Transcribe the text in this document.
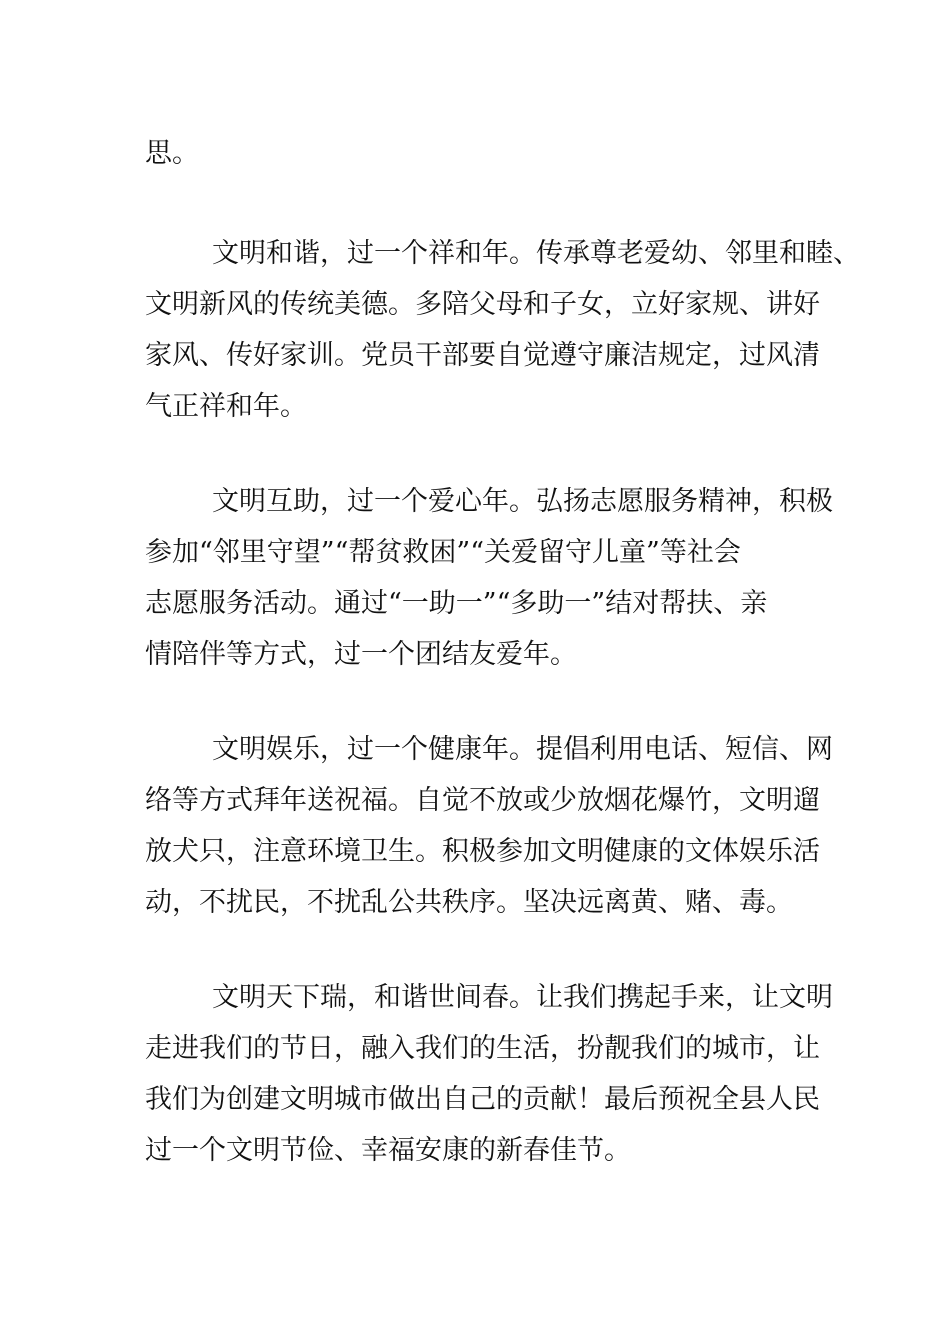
思。
文明和谐，过一个祥和年。传承尊老爱幼、邻里和睦、
文明新风的传统美德。多陪父母和子女，立好家规、讲好
家风、传好家训。党员干部要自觉遵守廉洁规定，过风清
气正祥和年。
文明互助，过一个爱心年。弘扬志愿服务精神，积极
参加“邻里守望”“帮贫救困”“关爱留守儿童”等社会
志愿服务活动。通过“一助一”“多助一”结对帮扶、亲
情陪伴等方式，过一个团结友爱年。
文明娱乐，过一个健康年。提倡利用电话、短信、网
络等方式拜年送祝福。自觉不放或少放烟花爆竹，文明遛
放犬只，注意环境卫生。积极参加文明健康的文体娱乐活
动，不扰民，不扰乱公共秩序。坚决远离黄、赌、毒。
文明天下瑞，和谐世间春。让我们携起手来，让文明
走进我们的节日，融入我们的生活，扮靓我们的城市，让
我们为创建文明城市做出自己的贡献！最后预祝全县人民
过一个文明节俭、幸福安康的新春佳节。
